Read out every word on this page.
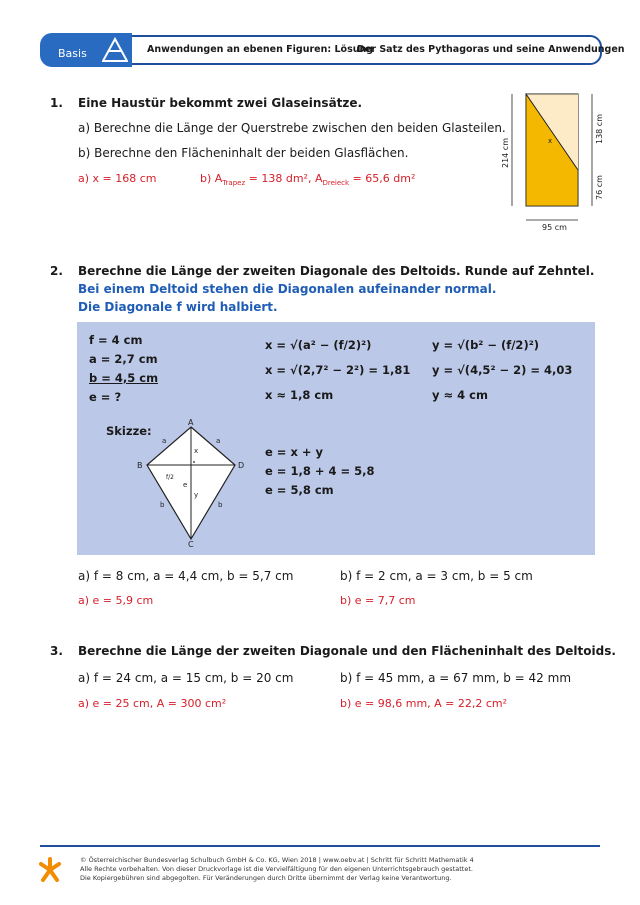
Basis	Anwendungen an ebenen Figuren: Lösung
Der Satz des Pythagoras und seine Anwendungen
1. Eine Haustür bekommt zwei Glaseinsätze.
a) Berechne die Länge der Querstrebe zwischen den beiden Glasteilen.
b) Berechne den Flächeninhalt der beiden Glasflächen.
a) x = 168 cm	b) $A_{Trapez} = 138$ dm², $A_{Dreieck} = 65,6$ dm²
x
95 cm
214 cm
138 cm
76 cm
2. Berechne die Länge der zweiten Diagonale des Deltoids. Runde auf Zehntel.
Bei einem Deltoid stehen die Diagonalen aufeinander normal.
Die Diagonale f wird halbiert.
f = 4 cm
a = 2,7 cm
b = 4,5 cm
e = ?
x = √(a² − (f/2)²)
x = √(2,7² − 2²) = 1,81
x ≈ 1,8 cm
y = √(b² − (f/2)²)
y = √(4,5² − 2) = 4,03
y ≈ 4 cm
Skizze:
A
B	D
C
a	a
b	b
x
y
e
f/2
e = x + y
e = 1,8 + 4 = 5,8
e = 5,8 cm
a) f = 8 cm, a = 4,4 cm, b = 5,7 cm	b) f = 2 cm, a = 3 cm, b = 5 cm
a) e = 5,9 cm	b) e = 7,7 cm
3. Berechne die Länge der zweiten Diagonale und den Flächeninhalt des Deltoids.
a) f = 24 cm, a = 15 cm, b = 20 cm	b) f = 45 mm, a = 67 mm, b = 42 mm
a) e = 25 cm, A = 300 cm²	b) e = 98,6 mm, A = 22,2 cm²
© Österreichischer Bundesverlag Schulbuch GmbH & Co. KG, Wien 2018 | www.oebv.at | Schritt für Schritt Mathematik 4
Alle Rechte vorbehalten. Von dieser Druckvorlage ist die Vervielfältigung für den eigenen Unterrichtsgebrauch gestattet.
Die Kopiergebühren sind abgegolten. Für Veränderungen durch Dritte übernimmt der Verlag keine Verantwortung.
